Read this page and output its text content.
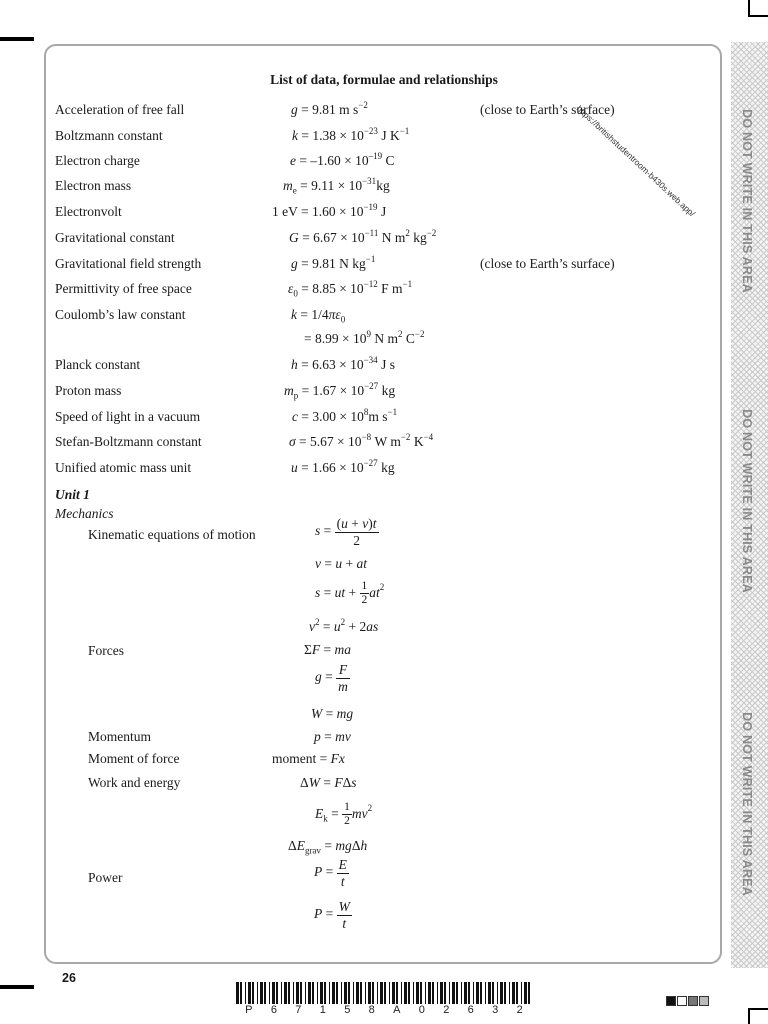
DO NOT WRITE IN THIS AREA
DO NOT WRITE IN THIS AREA
DO NOT WRITE IN THIS AREA
List of data, formulae and relationships
https://britishstudentroom-b430s.web.app/
Acceleration of free fall	g = 9.81 m $s^{-2}$	(close to Earth’s surface)
Boltzmann constant	$k = 1.38 \times 10^{-23}$ J $K^{-1}$
Electron charge	$e = -1.60 \times 10^{-19}$ C
Electron mass	$m_e = 9.11 \times 10^{-31}kg$
Electronvolt	1 eV = $1.60 \times 10^{-19}$ J
Gravitational constant	$G = 6.67 \times 10^{-11}$ N $m^2$ $kg^{-2}$
Gravitational field strength	g = 9.81 N $kg^{-1}$	(close to Earth’s surface)
Permittivity of free space	$\varepsilon_0 = 8.85 \times 10^{-12}$ F $m^{-1}$
Coulomb’s law constant	$k = 1/4\pi\varepsilon_0$
= $8.99 \times 10^9$ N $m^2$ $C^{-2}$
Planck constant	$h = 6.63 \times 10^{-34}$ J s
Proton mass	$m_p = 1.67 \times 10^{-27}$ kg
Speed of light in a vacuum	$c = 3.00 \times 10^8m$ $s^{-1}$
Stefan-Boltzmann constant	$\sigma = 5.67 \times 10^{-8}$ W $m^{-2}$ $K^{-4}$
Unified atomic mass unit	$u = 1.66 \times 10^{-27}$ kg
Unit 1
Mechanics
Kinematic equations of motion	$s = \frac{(u + v)t}{2}$
v = u + at
s = ut + $\frac{1}{2} at^2$
$v^2 = u^2 + 2as$
Forces	ΣF = ma
$g = \frac{F}{m}$
W = mg
Momentum	p = mv
Moment of force	moment = Fx
Work and energy	ΔW = FΔs
$E_k = \frac{1}{2} mv^2$
$\Delta E_{grav} = mg\Delta h$
Power	$P = \frac{E}{t}$
$P = \frac{W}{t}$
26
P 6 7 1 5 8 A 0 2 6 3 2
